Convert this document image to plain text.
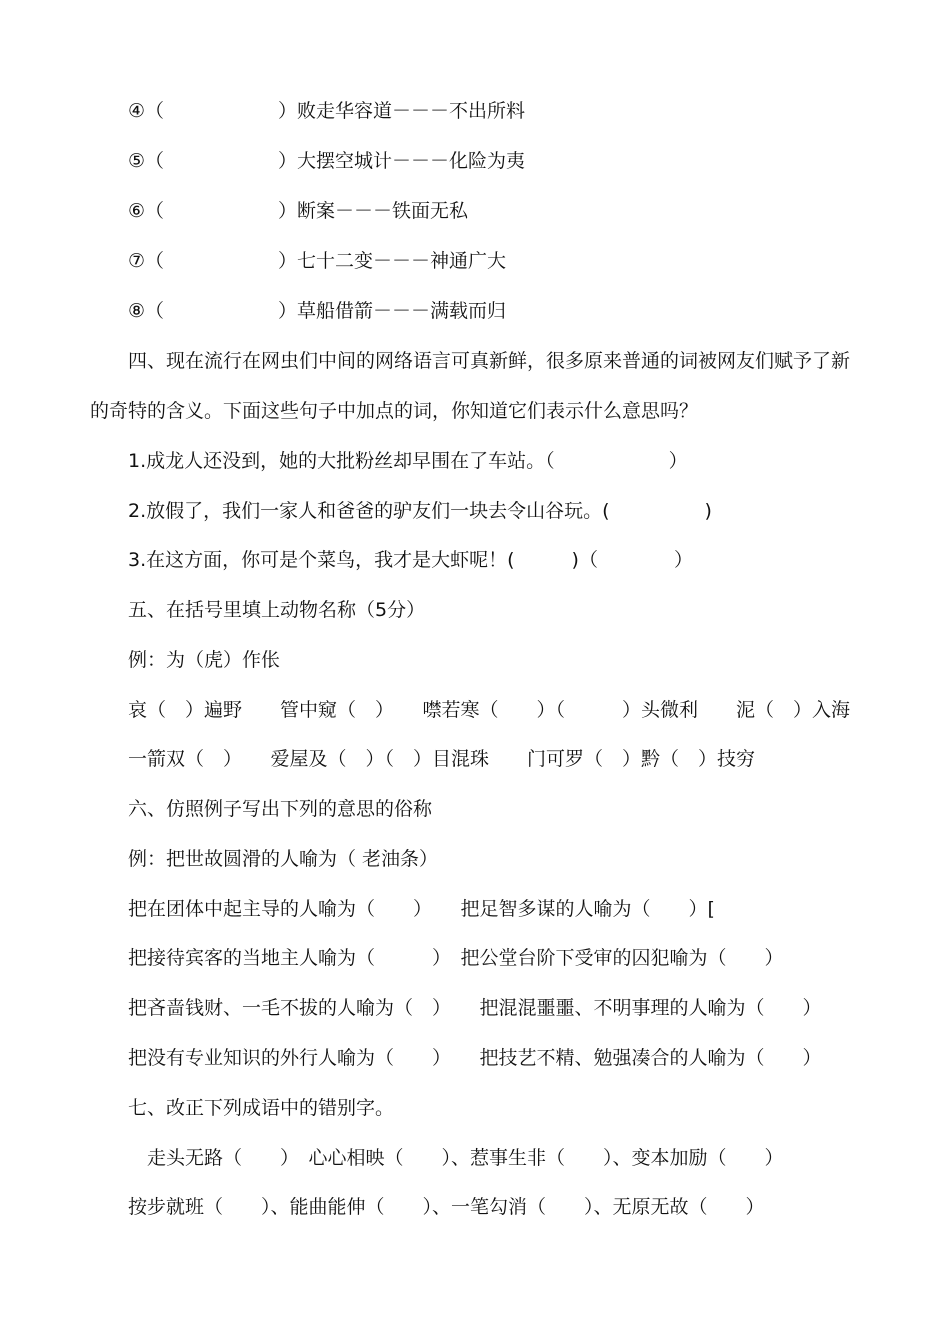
④（　　　　　　）败走华容道－－－不出所料
⑤（　　　　　　）大摆空城计－－－化险为夷
⑥（　　　　　　）断案－－－铁面无私
⑦（　　　　　　）七十二变－－－神通广大
⑧（　　　　　　）草船借箭－－－满载而归
四、现在流行在网虫们中间的网络语言可真新鲜，很多原来普通的词被网友们赋予了新
的奇特的含义。下面这些句子中加点的词，你知道它们表示什么意思吗？
1.成龙人还没到，她的大批粉丝却早围在了车站。（　　　　　　）
2.放假了，我们一家人和爸爸的驴友们一块去令山谷玩。(　　　　　)
3.在这方面，你可是个菜鸟，我才是大虾呢！(　　　)（　　　　）
五、在括号里填上动物名称（5分）
例：为（虎）作伥
哀（　）遍野　　管中窥（　）　　噤若寒（　　）（　　　）头微利　　泥（　）入海
一箭双（　）　　爱屋及（　）（　）目混珠　　门可罗（　）黔（　）技穷
六、仿照例子写出下列的意思的俗称
例：把世故圆滑的人喻为（ 老油条）
把在团体中起主导的人喻为（　　）　　把足智多谋的人喻为（　　）[
把接待宾客的当地主人喻为（　　　）　把公堂台阶下受审的囚犯喻为（　　）
把吝啬钱财、一毛不拔的人喻为（　）　　把混混噩噩、不明事理的人喻为（　　）
把没有专业知识的外行人喻为（　　）　　把技艺不精、勉强凑合的人喻为（　　）
七、改正下列成语中的错别字。
走头无路（　　）　心心相映（　　）、惹事生非（　　）、变本加励（　　）
按步就班（　　）、能曲能伸（　　）、一笔勾消（　　）、无原无故（　　）
